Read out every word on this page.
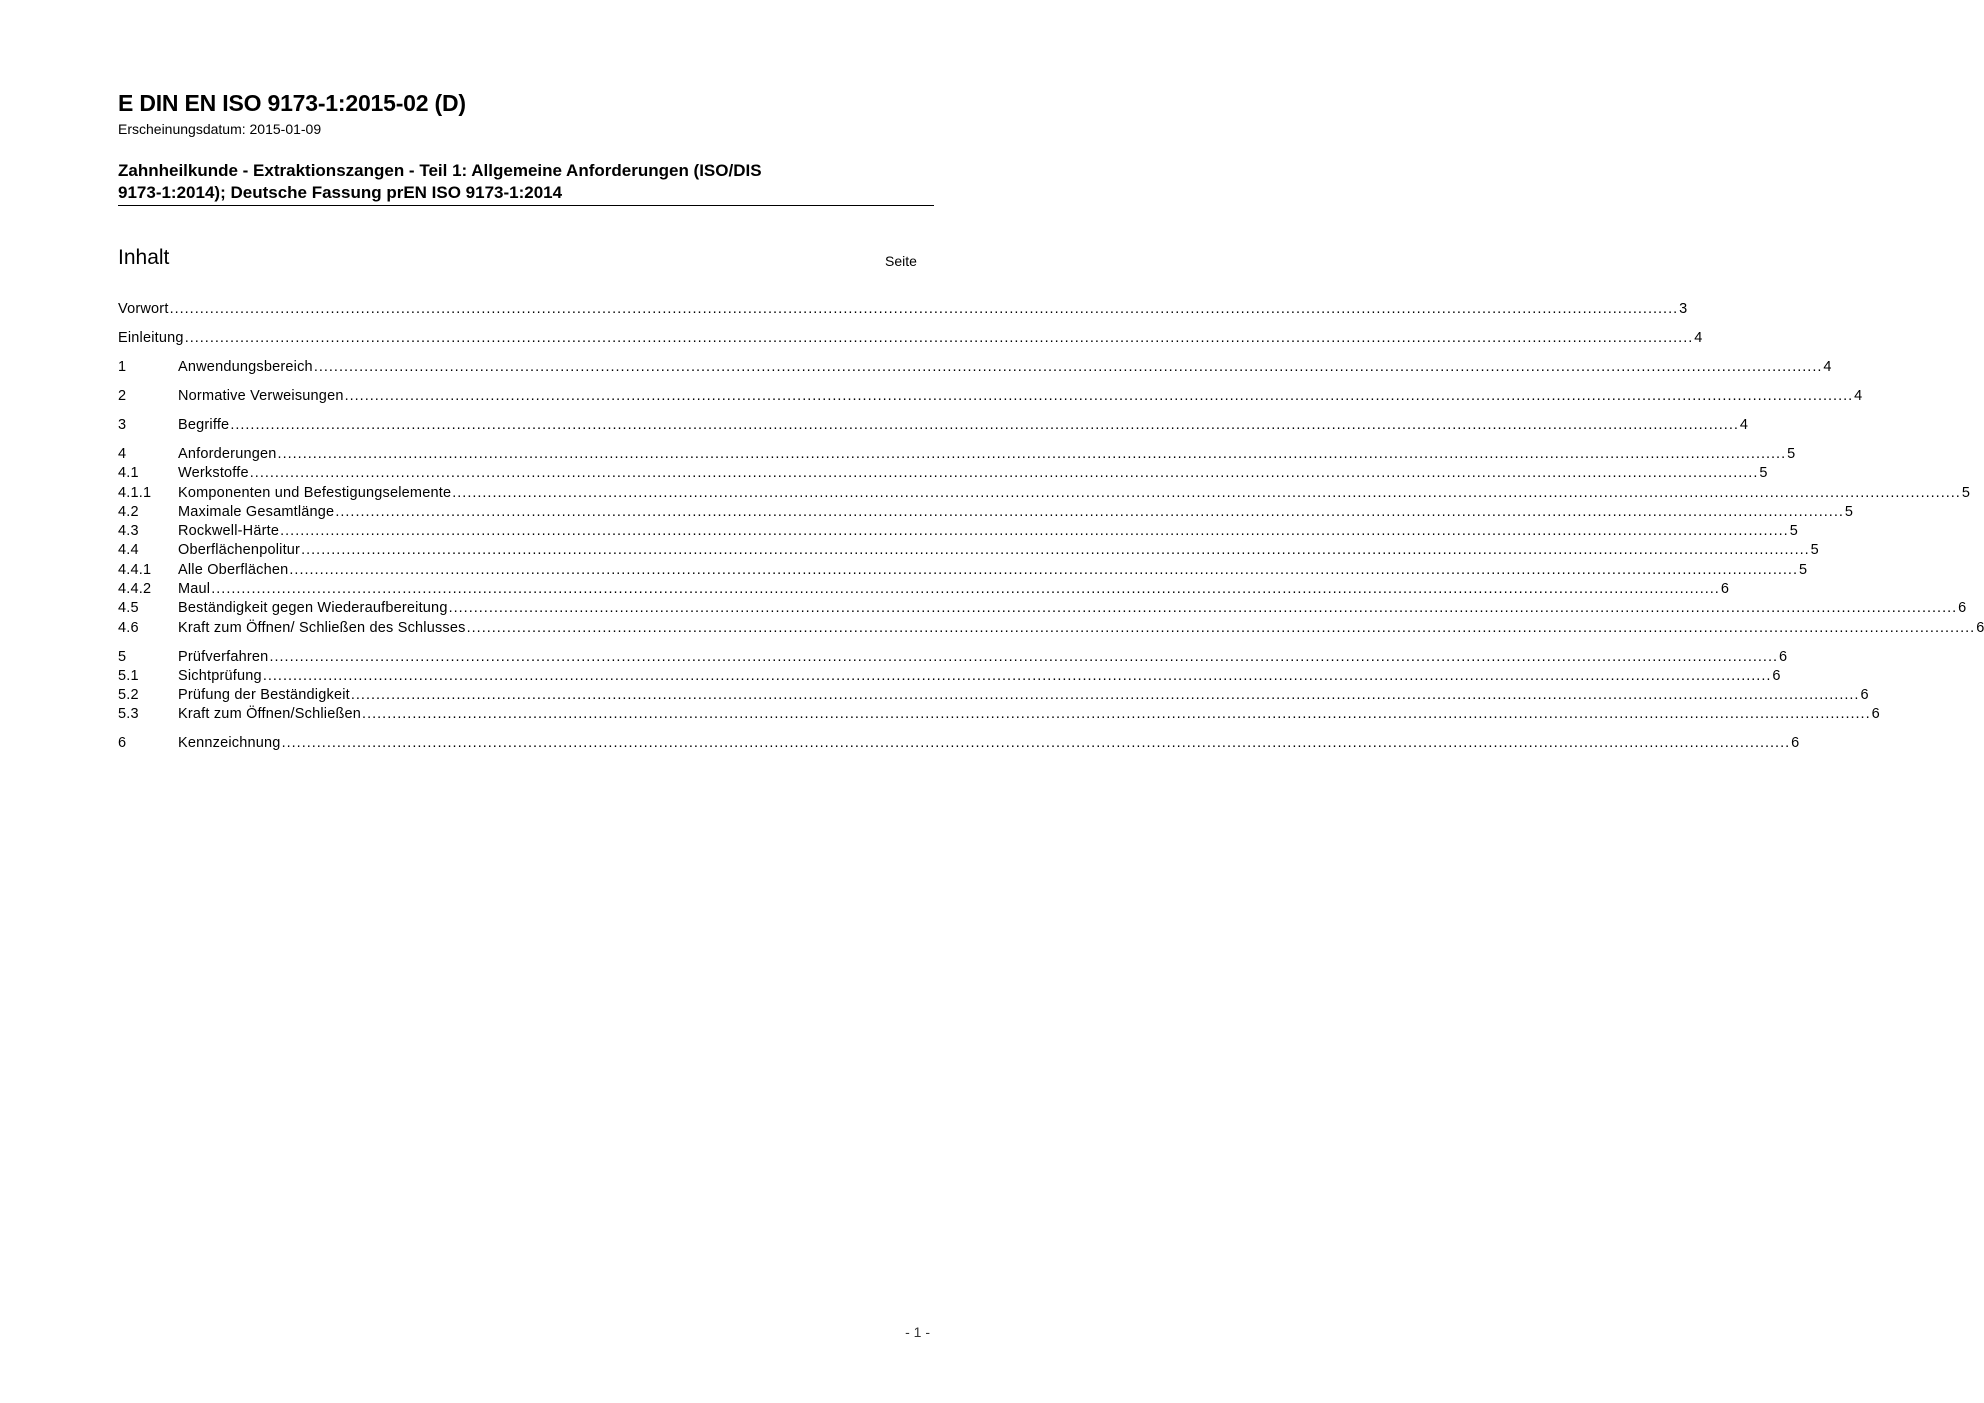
E DIN EN ISO 9173-1:2015-02 (D)
Erscheinungsdatum: 2015-01-09
Zahnheilkunde - Extraktionszangen - Teil 1: Allgemeine Anforderungen (ISO/DIS
9173-1:2014); Deutsche Fassung prEN ISO 9173-1:2014
Inhalt	Seite
Vorwort ............................................................................................................................................................................................................................................................................................................ 3
Einleitung ............................................................................................................................................................................................................................................................................................................ 4
1	Anwendungsbereich ............................................................................................................................................................................................................................................................................................................ 4
2	Normative Verweisungen ............................................................................................................................................................................................................................................................................................................ 4
3	Begriffe ............................................................................................................................................................................................................................................................................................................ 4
4	Anforderungen ............................................................................................................................................................................................................................................................................................................ 5
4.1	Werkstoffe ............................................................................................................................................................................................................................................................................................................ 5
4.1.1	Komponenten und Befestigungselemente ............................................................................................................................................................................................................................................................................................................ 5
4.2	Maximale Gesamtlänge ............................................................................................................................................................................................................................................................................................................ 5
4.3	Rockwell-Härte ............................................................................................................................................................................................................................................................................................................ 5
4.4	Oberflächenpolitur ............................................................................................................................................................................................................................................................................................................ 5
4.4.1	Alle Oberflächen ............................................................................................................................................................................................................................................................................................................ 5
4.4.2	Maul ............................................................................................................................................................................................................................................................................................................ 6
4.5	Beständigkeit gegen Wiederaufbereitung ............................................................................................................................................................................................................................................................................................................ 6
4.6	Kraft zum Öffnen/ Schließen des Schlusses ............................................................................................................................................................................................................................................................................................................ 6
5	Prüfverfahren ............................................................................................................................................................................................................................................................................................................ 6
5.1	Sichtprüfung ............................................................................................................................................................................................................................................................................................................ 6
5.2	Prüfung der Beständigkeit ............................................................................................................................................................................................................................................................................................................ 6
5.3	Kraft zum Öffnen/Schließen ............................................................................................................................................................................................................................................................................................................ 6
6	Kennzeichnung ............................................................................................................................................................................................................................................................................................................ 6
- 1 -
